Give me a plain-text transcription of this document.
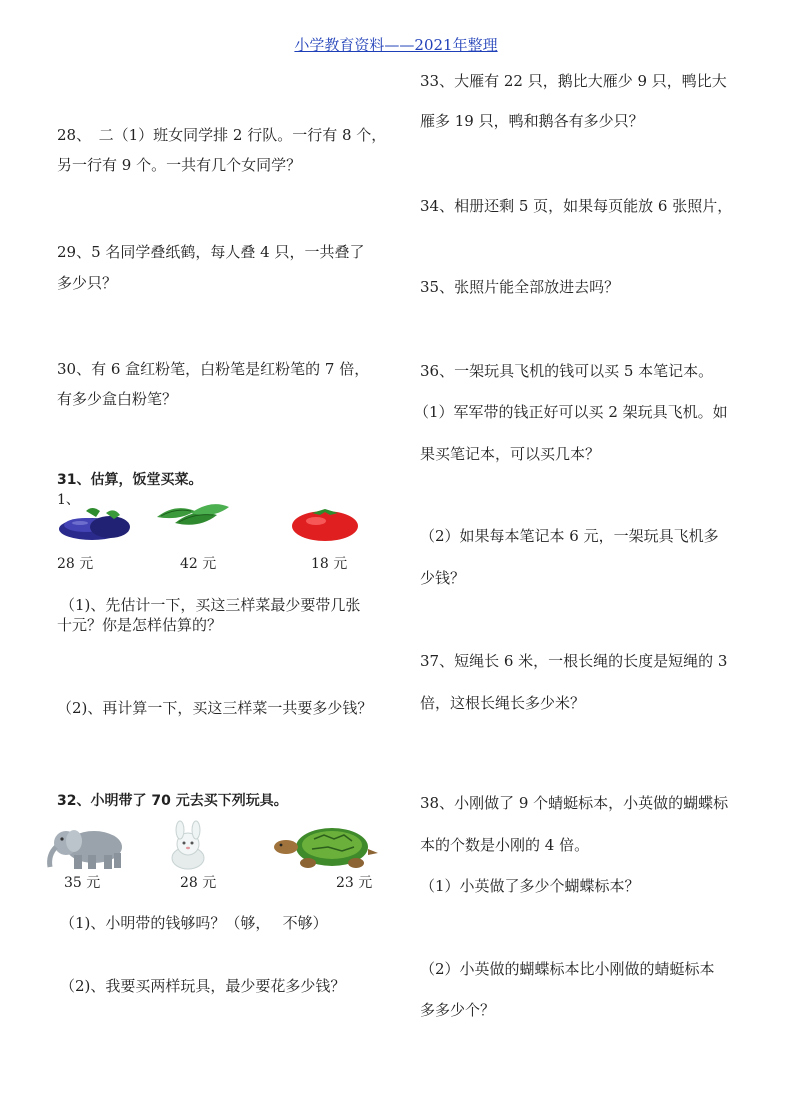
小学教育资料——2021年整理
28、　二（1）班女同学排 2 行队。一行有 8 个，
另一行有 9 个。一共有几个女同学？
29、5 名同学叠纸鹤，每人叠 4 只，一共叠了
多少只？
30、有 6 盒红粉笔，白粉笔是红粉笔的 7 倍，
有多少盒白粉笔？
31、估算，饭堂买菜。
1、
28 元	42 元	18 元
（1)、先估计一下，买这三样菜最少要带几张
十元？你是怎样估算的？
（2)、再计算一下，买这三样菜一共要多少钱？
32、小明带了 70 元去买下列玩具。
35 元	28 元	23 元
（1)、小明带的钱够吗？（够，　 不够）
（2)、我要买两样玩具，最少要花多少钱？
33、大雁有 22 只，鹅比大雁少 9 只，鸭比大
雁多 19 只，鸭和鹅各有多少只？
34、相册还剩 5 页，如果每页能放 6 张照片，
35、张照片能全部放进去吗？
36、一架玩具飞机的钱可以买 5 本笔记本。
（1）军军带的钱正好可以买 2 架玩具飞机。如
果买笔记本，可以买几本？
（2）如果每本笔记本 6 元，一架玩具飞机多
少钱？
37、短绳长 6 米，一根长绳的长度是短绳的 3
倍，这根长绳长多少米？
38、小刚做了 9 个蜻蜓标本，小英做的蝴蝶标
本的个数是小刚的 4 倍。
（1）小英做了多少个蝴蝶标本？
（2）小英做的蝴蝶标本比小刚做的蜻蜓标本
多多少个？
